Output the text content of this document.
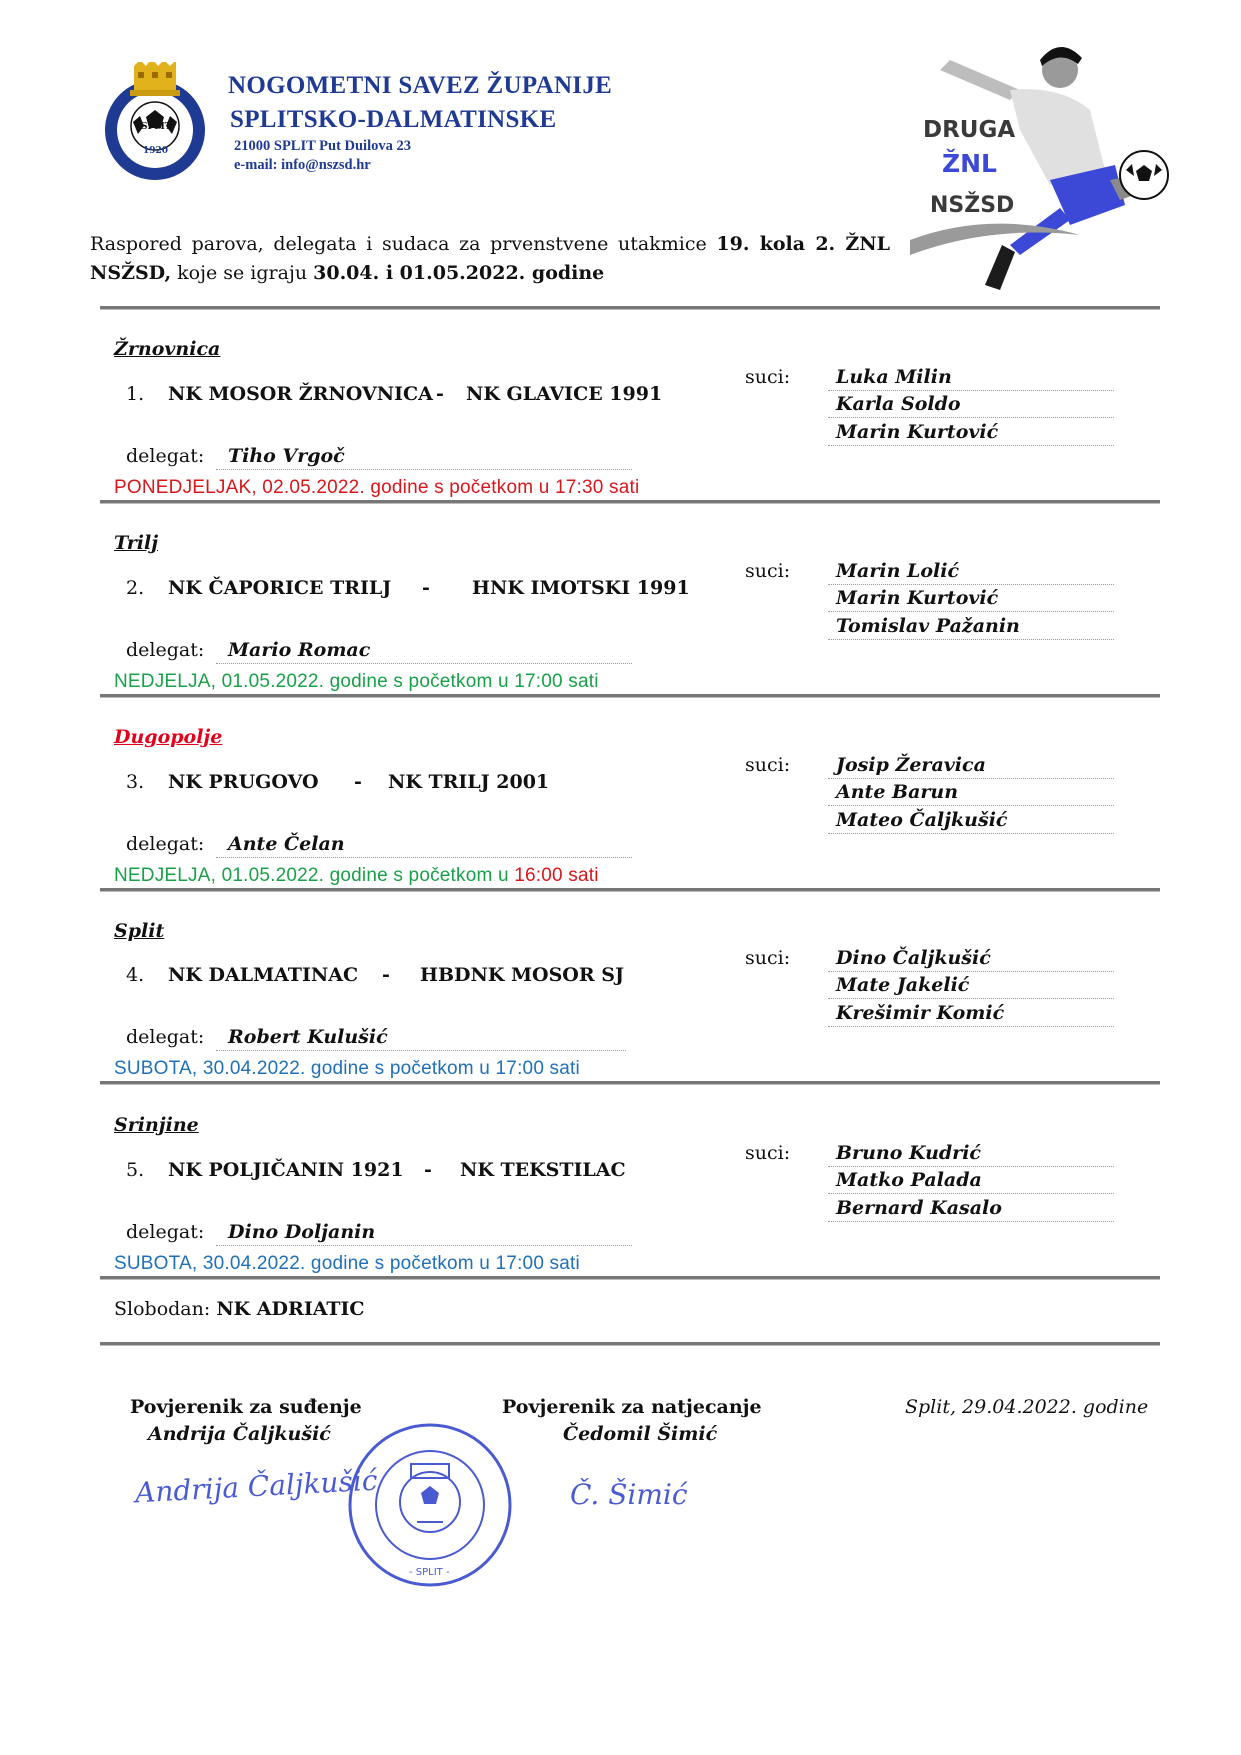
SPLIT
1920
NOGOMETNI SAVEZ ŽUPANIJE
SPLITSKO-DALMATINSKE
21000 SPLIT Put Duilova 23
e-mail: info@nszsd.hr
DRUGA
ŽNL
NSŽSD
Raspored parova, delegata i sudaca za prvenstvene utakmice 19. kola 2. ŽNL NSŽSD, koje se igraju 30.04. i 01.05.2022. godine
Žrnovnica
1. NK MOSOR ŽRNOVNICA - NK GLAVICE 1991
suci:	Luka Milin
Karla Soldo
Marin Kurtović
delegat:	Tiho Vrgoč
PONEDJELJAK, 02.05.2022. godine s početkom u 17:30 sati
Trilj
2. NK ČAPORICE TRILJ - HNK IMOTSKI 1991
suci:	Marin Lolić
Marin Kurtović
Tomislav Pažanin
delegat:	Mario Romac
NEDJELJA, 01.05.2022. godine s početkom u 17:00 sati
Dugopolje
3. NK PRUGOVO - NK TRILJ 2001
suci:	Josip Žeravica
Ante Barun
Mateo Čaljkušić
delegat:	Ante Čelan
NEDJELJA, 01.05.2022. godine s početkom u 16:00 sati
Split
4. NK DALMATINAC - HBDNK MOSOR SJ
suci:	Dino Čaljkušić
Mate Jakelić
Krešimir Komić
delegat:	Robert Kulušić
SUBOTA, 30.04.2022. godine s početkom u 17:00 sati
Srinjine
5. NK POLJIČANIN 1921 - NK TEKSTILAC
suci:	Bruno Kudrić
Matko Palada
Bernard Kasalo
delegat:	Dino Doljanin
SUBOTA, 30.04.2022. godine s početkom u 17:00 sati
Slobodan: NK ADRIATIC
Povjerenik za suđenje
Andrija Čaljkušić
Andrija Čaljkušić
Povjerenik za natjecanje
Čedomil Šimić
Č. Šimić
- SPLIT -
Split, 29.04.2022. godine
